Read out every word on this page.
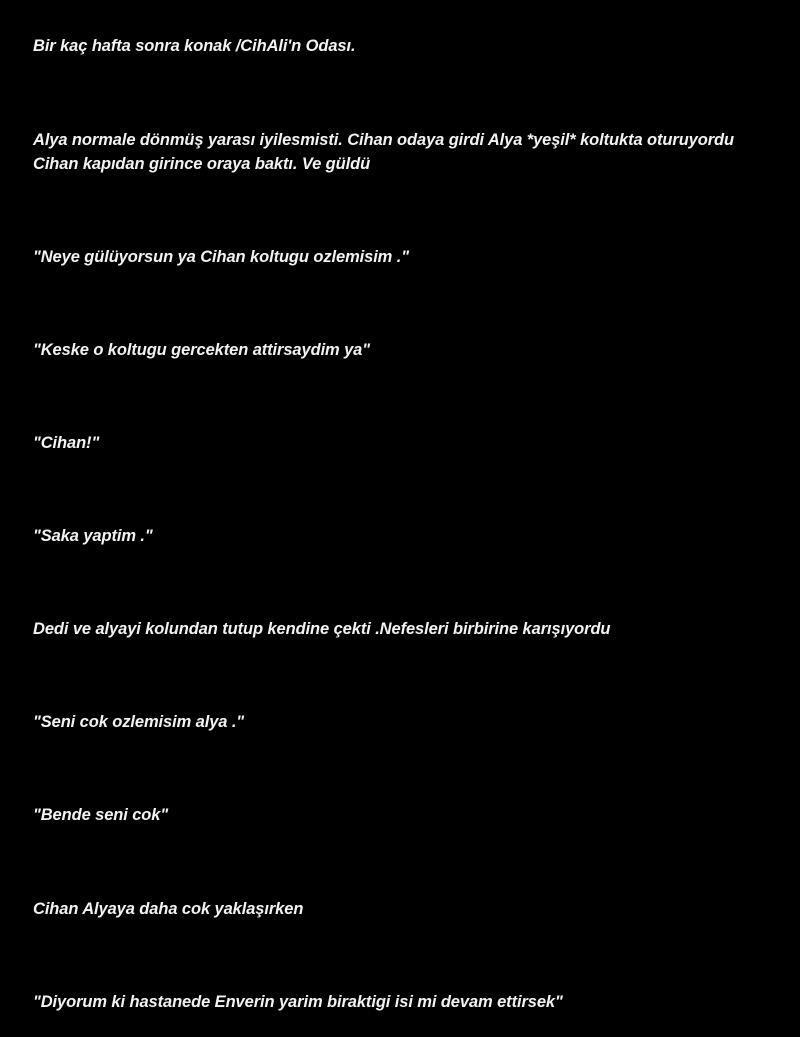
Bir kaç hafta sonra konak /CihAli'n Odası.

Alya normale dönmüş yarası iyilesmisti. Cihan odaya girdi Alya *yeşil* koltukta oturuyordu Cihan kapıdan girince oraya baktı. Ve güldü

"Neye gülüyorsun ya Cihan koltugu ozlemisim ."

"Keske o koltugu gercekten attirsaydim ya"

"Cihan!"

"Saka yaptim ."

Dedi ve alyayi kolundan tutup kendine çekti .Nefesleri birbirine karışıyordu

"Seni cok ozlemisim alya ."

"Bende seni cok"

Cihan Alyaya daha cok yaklaşırken

"Diyorum ki hastanede Enverin yarim biraktigi isi mi devam ettirsek"
